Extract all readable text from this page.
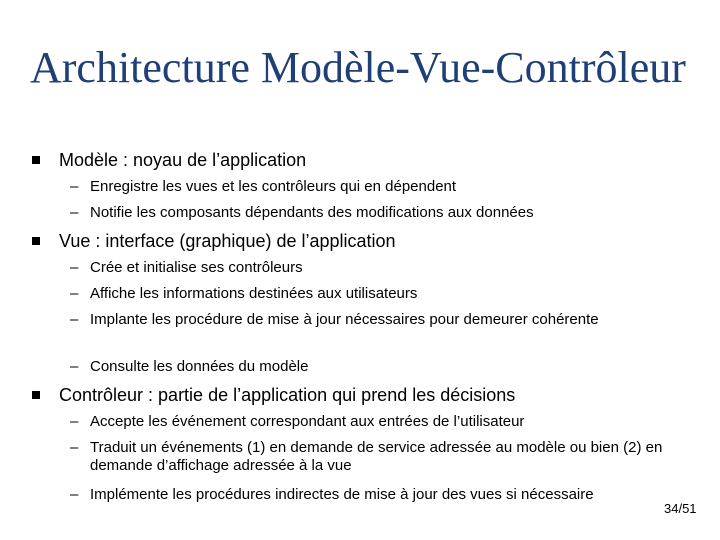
Architecture Modèle-Vue-Contrôleur
Modèle : noyau de l’application
– Enregistre les vues et les contrôleurs qui en dépendent
– Notifie les composants dépendants des modifications aux données
Vue : interface (graphique) de l’application
– Crée et initialise ses contrôleurs
– Affiche les informations destinées aux utilisateurs
– Implante les procédure de mise à jour nécessaires pour demeurer cohérente
– Consulte les données du modèle
Contrôleur : partie de l’application qui prend les décisions
– Accepte les événement correspondant aux entrées de l’utilisateur
– Traduit un événements (1) en demande de service adressée au modèle ou bien (2) en demande d’affichage adressée à la vue
– Implémente les procédures indirectes de mise à jour des vues si nécessaire
34/51
